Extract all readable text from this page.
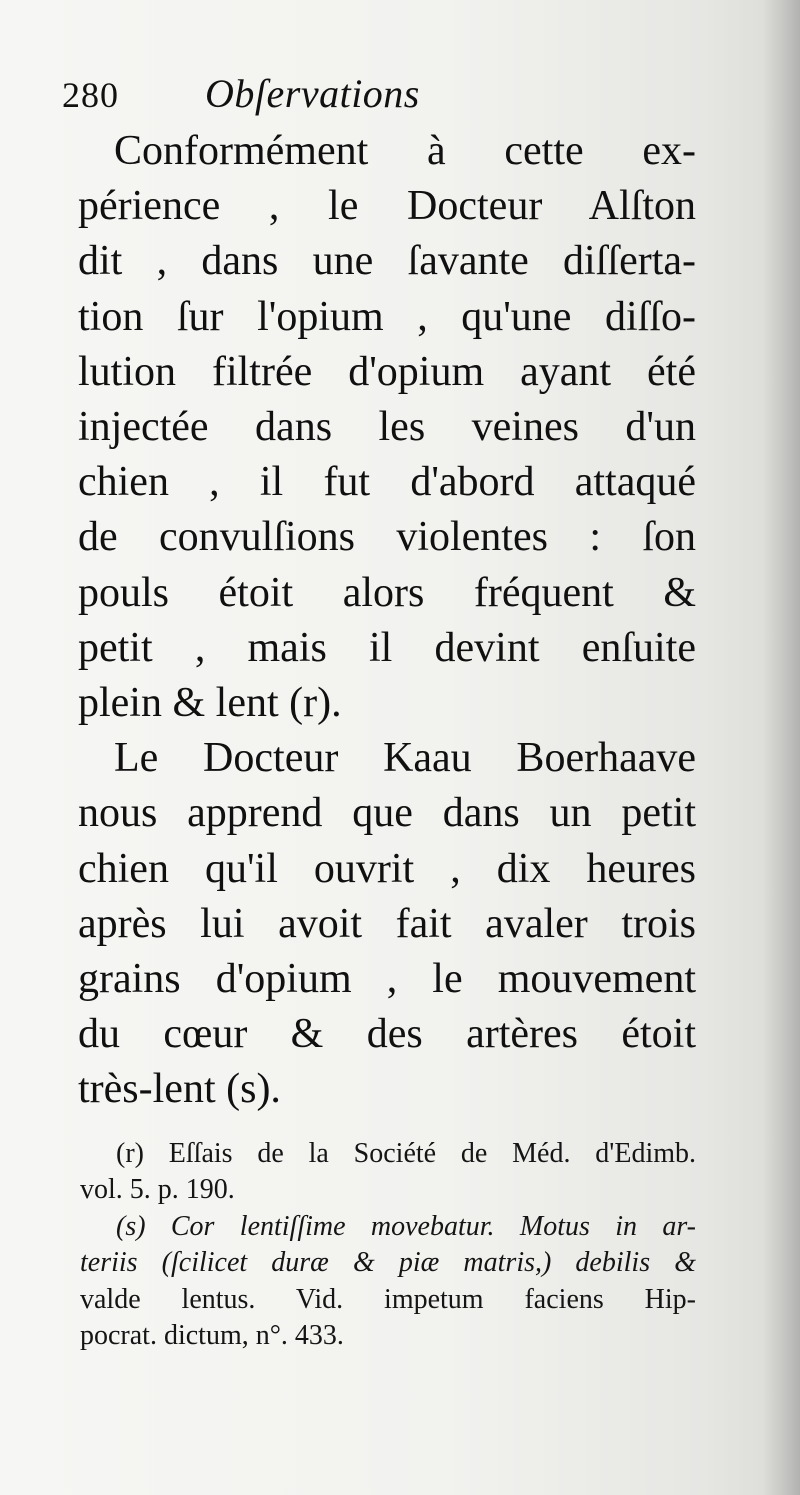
280 Obſervations
Conformément à cette ex-
périence , le Docteur Alſton
dit , dans une ſavante diſſerta-
tion ſur l'opium , qu'une diſſo-
lution filtrée d'opium ayant été
injectée dans les veines d'un
chien , il fut d'abord attaqué
de convulſions violentes : ſon
pouls étoit alors fréquent &
petit , mais il devint enſuite
plein & lent (r).
Le Docteur Kaau Boerhaave
nous apprend que dans un petit
chien qu'il ouvrit , dix heures
après lui avoit fait avaler trois
grains d'opium , le mouvement
du cœur & des artères étoit
très-lent (s).
(r) Eſſais de la Société de Méd. d'Edimb.
vol. 5. p. 190.
(s) Cor lentiſſime movebatur. Motus in ar-
teriis (ſcilicet duræ & piæ matris,) debilis &
valde lentus. Vid. impetum faciens Hip-
pocrat. dictum, n°. 433.
